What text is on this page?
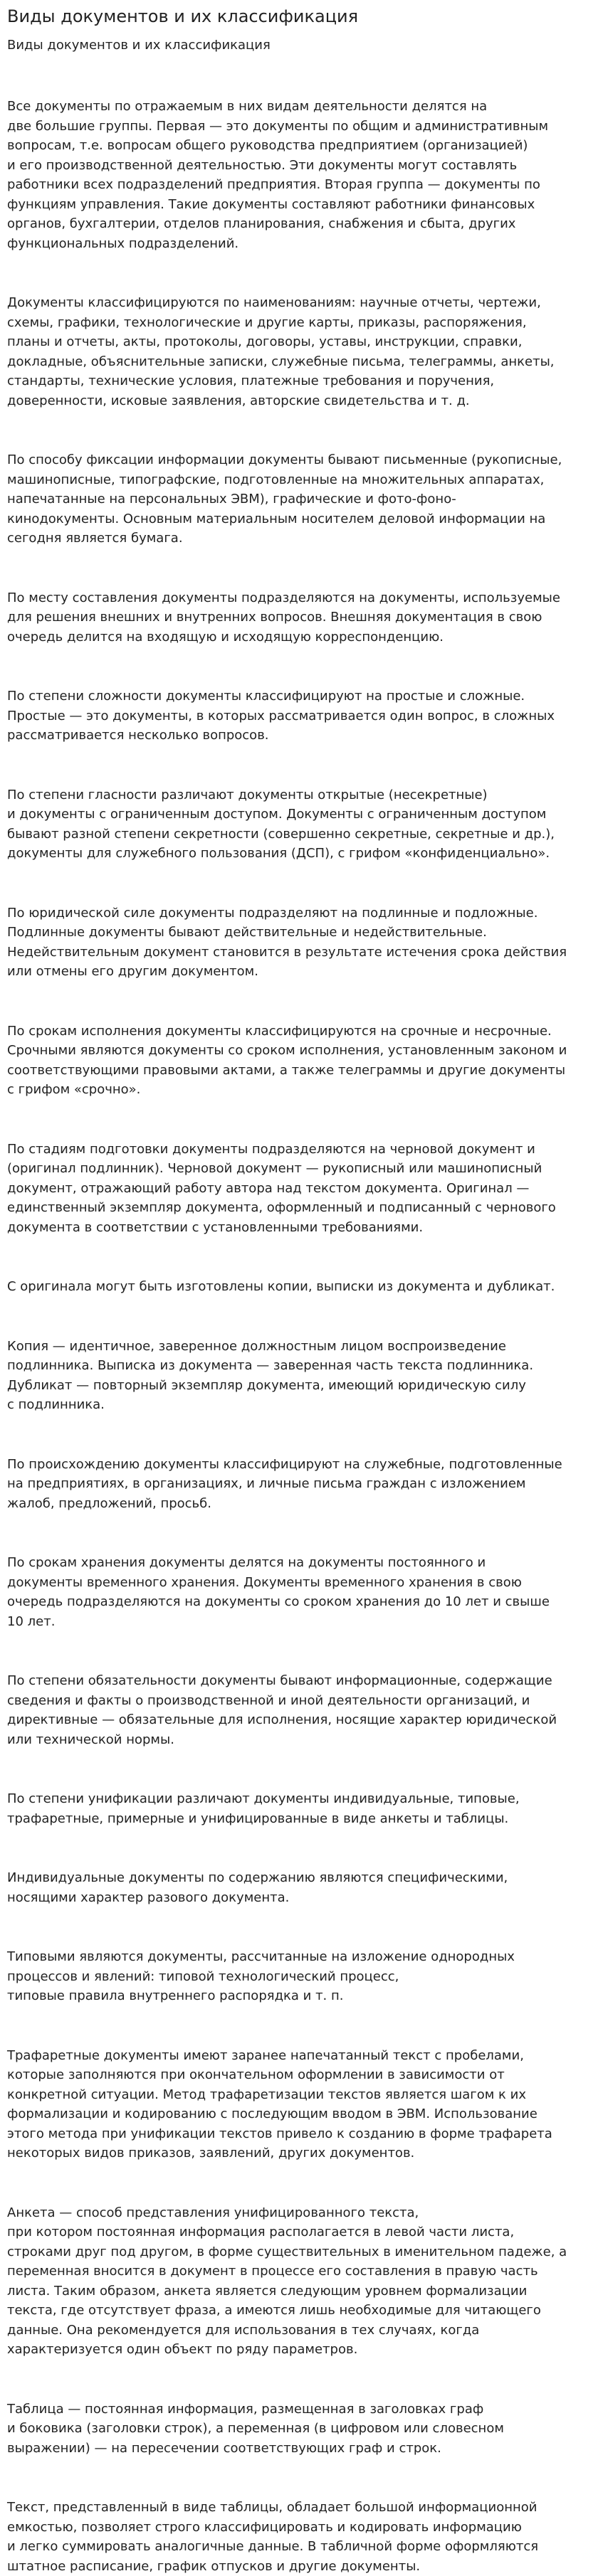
Виды документов и их классификация
Виды документов и их классификация
Все документы по отражаемым в них видам деятельности делятся на
две большие группы. Первая — это документы по общим и административным
вопросам, т.е. вопросам общего руководства предприятием (организацией)
и его производственной деятельностью. Эти документы могут составлять
работники всех подразделений предприятия. Вторая группа — документы по
функциям управления. Такие документы составляют работники финансовых
органов, бухгалтерии, отделов планирования, снабжения и сбыта, других
функциональных подразделений.
Документы классифицируются по наименованиям: научные отчеты, чертежи,
схемы, графики, технологические и другие карты, приказы, распоряжения,
планы и отчеты, акты, протоколы, договоры, уставы, инструкции, справки,
докладные, объяснительные записки, служебные письма, телеграммы, анкеты,
стандарты, технические условия, платежные требования и поручения,
доверенности, исковые заявления, авторские свидетельства и т. д.
По способу фиксации информации документы бывают письменные (рукописные,
машинописные, типографские, подготовленные на множительных аппаратах,
напечатанные на персональных ЭВМ), графические и фото-фоно-
кинодокументы. Основным материальным носителем деловой информации на
сегодня является бумага.
По месту составления документы подразделяются на документы, используемые
для решения внешних и внутренних вопросов. Внешняя документация в свою
очередь делится на входящую и исходящую корреспонденцию.
По степени сложности документы классифицируют на простые и сложные.
Простые — это документы, в которых рассматривается один вопрос, в сложных
рассматривается несколько вопросов.
По степени гласности различают документы открытые (несекретные)
и документы с ограниченным доступом. Документы с ограниченным доступом
бывают разной степени секретности (совершенно секретные, секретные и др.),
документы для служебного пользования (ДСП), с грифом «конфиденциально».
По юридической силе документы подразделяют на подлинные и подложные.
Подлинные документы бывают действительные и недействительные.
Недействительным документ становится в результате истечения срока действия
или отмены его другим документом.
По срокам исполнения документы классифицируются на срочные и несрочные.
Срочными являются документы со сроком исполнения, установленным законом и
соответствующими правовыми актами, а также телеграммы и другие документы
с грифом «срочно».
По стадиям подготовки документы подразделяются на черновой документ и
(оригинал подлинник). Черновой документ — рукописный или машинописный
документ, отражающий работу автора над текстом документа. Оригинал —
единственный экземпляр документа, оформленный и подписанный с чернового
документа в соответствии с установленными требованиями.
С оригинала могут быть изготовлены копии, выписки из документа и дубликат.
Копия — идентичное, заверенное должностным лицом воспроизведение
подлинника. Выписка из документа — заверенная часть текста подлинника.
Дубликат — повторный экземпляр документа, имеющий юридическую силу
с подлинника.
По происхождению документы классифицируют на служебные, подготовленные
на предприятиях, в организациях, и личные письма граждан с изложением
жалоб, предложений, просьб.
По срокам хранения документы делятся на документы постоянного и
документы временного хранения. Документы временного хранения в свою
очередь подразделяются на документы со сроком хранения до 10 лет и свыше
10 лет.
По степени обязательности документы бывают информационные, содержащие
сведения и факты о производственной и иной деятельности организаций, и
директивные — обязательные для исполнения, носящие характер юридической
или технической нормы.
По степени унификации различают документы индивидуальные, типовые,
трафаретные, примерные и унифицированные в виде анкеты и таблицы.
Индивидуальные документы по содержанию являются специфическими,
носящими характер разового документа.
Типовыми являются документы, рассчитанные на изложение однородных
процессов и явлений: типовой технологический процесс,
типовые правила внутреннего распорядка и т. п.
Трафаретные документы имеют заранее напечатанный текст с пробелами,
которые заполняются при окончательном оформлении в зависимости от
конкретной ситуации. Метод трафаретизации текстов является шагом к их
формализации и кодированию с последующим вводом в ЭВМ. Использование
этого метода при унификации текстов привело к созданию в форме трафарета
некоторых видов приказов, заявлений, других документов.
Анкета — способ представления унифицированного текста,
при котором постоянная информация располагается в левой части листа,
строками друг под другом, в форме существительных в именительном падеже, а
переменная вносится в документ в процессе его составления в правую часть
листа. Таким образом, анкета является следующим уровнем формализации
текста, где отсутствует фраза, а имеются лишь необходимые для читающего
данные. Она рекомендуется для использования в тех случаях, когда
характеризуется один объект по ряду параметров.
Таблица — постоянная информация, размещенная в заголовках граф
и боковика (заголовки строк), а переменная (в цифровом или словесном
выражении) — на пересечении соответствующих граф и строк.
Текст, представленный в виде таблицы, обладает большой информационной
емкостью, позволяет строго классифицировать и кодировать информацию
и легко суммировать аналогичные данные. В табличной форме оформляются
штатное расписание, график отпусков и другие документы.
